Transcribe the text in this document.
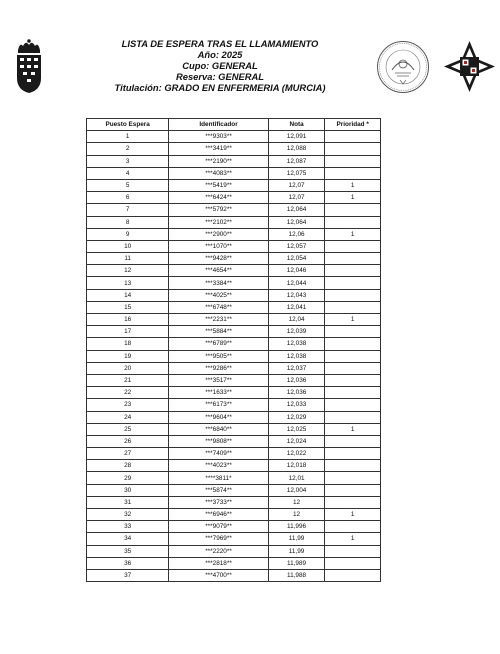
LISTA DE ESPERA TRAS EL LLAMAMIENTO
Año: 2025
Cupo: GENERAL
Reserva: GENERAL
Titulación: GRADO EN ENFERMERIA (MURCIA)
Puesto Espera	Identificador	Nota	Prioridad *
1	***9303**	12,091	
2	***3419**	12,088	
3	***2190**	12,087	
4	***4083**	12,075	
5	***5419**	12,07	1
6	***6424**	12,07	1
7	***5792**	12,064	
8	***2102**	12,064	
9	***2900**	12,06	1
10	***1070**	12,057	
11	***9428**	12,054	
12	***4654**	12,046	
13	***3384**	12,044	
14	***4025**	12,043	
15	***6748**	12,041	
16	***2231**	12,04	1
17	***5884**	12,039	
18	***6789**	12,038	
19	***9505**	12,038	
20	***9286**	12,037	
21	***3517**	12,036	
22	***1633**	12,036	
23	***6173**	12,033	
24	***9604**	12,029	
25	***6840**	12,025	1
26	***9808**	12,024	
27	***7409**	12,022	
28	***4023**	12,018	
29	****3811*	12,01	
30	***5874**	12,004	
31	***3733**	12	
32	***6946**	12	1
33	***9079**	11,996	
34	***7969**	11,99	1
35	***2220**	11,99	
36	***2818**	11,989	
37	***4700**	11,988	
